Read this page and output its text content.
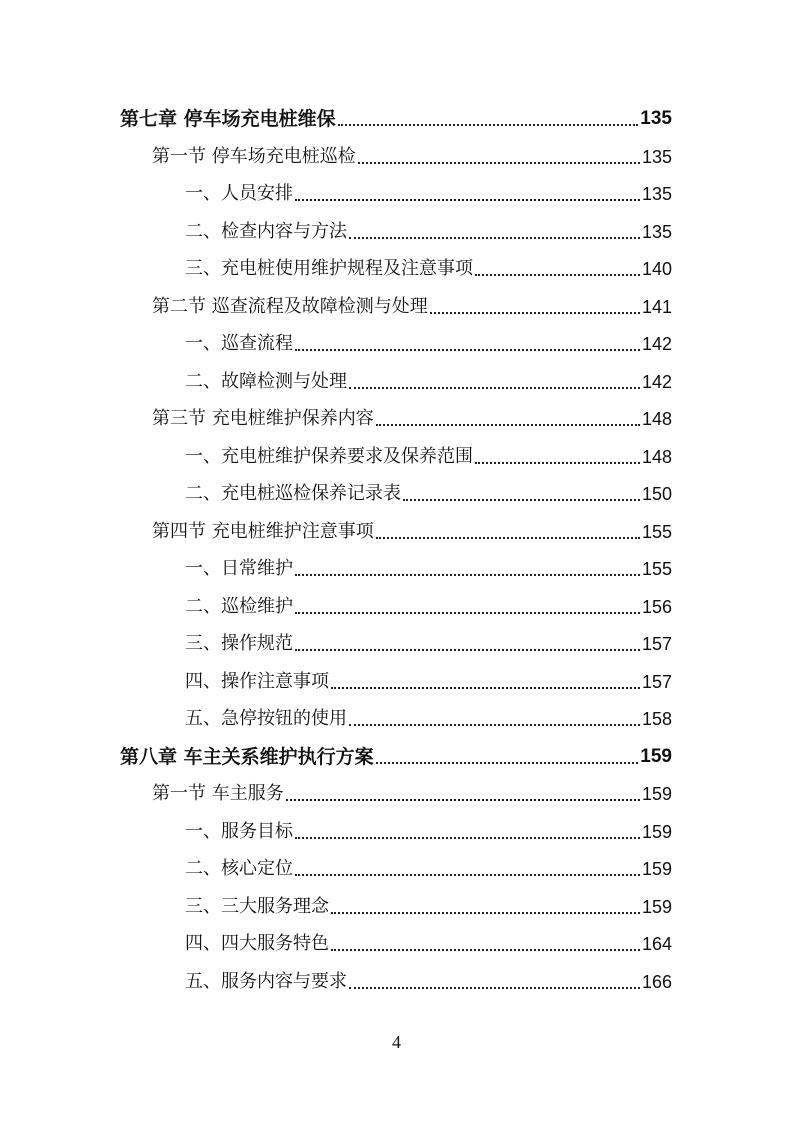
第七章 停车场充电桩维保	135
第一节 停车场充电桩巡检	135
一、人员安排	135
二、检查内容与方法	135
三、充电桩使用维护规程及注意事项	140
第二节 巡查流程及故障检测与处理	141
一、巡查流程	142
二、故障检测与处理	142
第三节 充电桩维护保养内容	148
一、充电桩维护保养要求及保养范围	148
二、充电桩巡检保养记录表	150
第四节 充电桩维护注意事项	155
一、日常维护	155
二、巡检维护	156
三、操作规范	157
四、操作注意事项	157
五、急停按钮的使用	158
第八章 车主关系维护执行方案	159
第一节 车主服务	159
一、服务目标	159
二、核心定位	159
三、三大服务理念	159
四、四大服务特色	164
五、服务内容与要求	166
4
